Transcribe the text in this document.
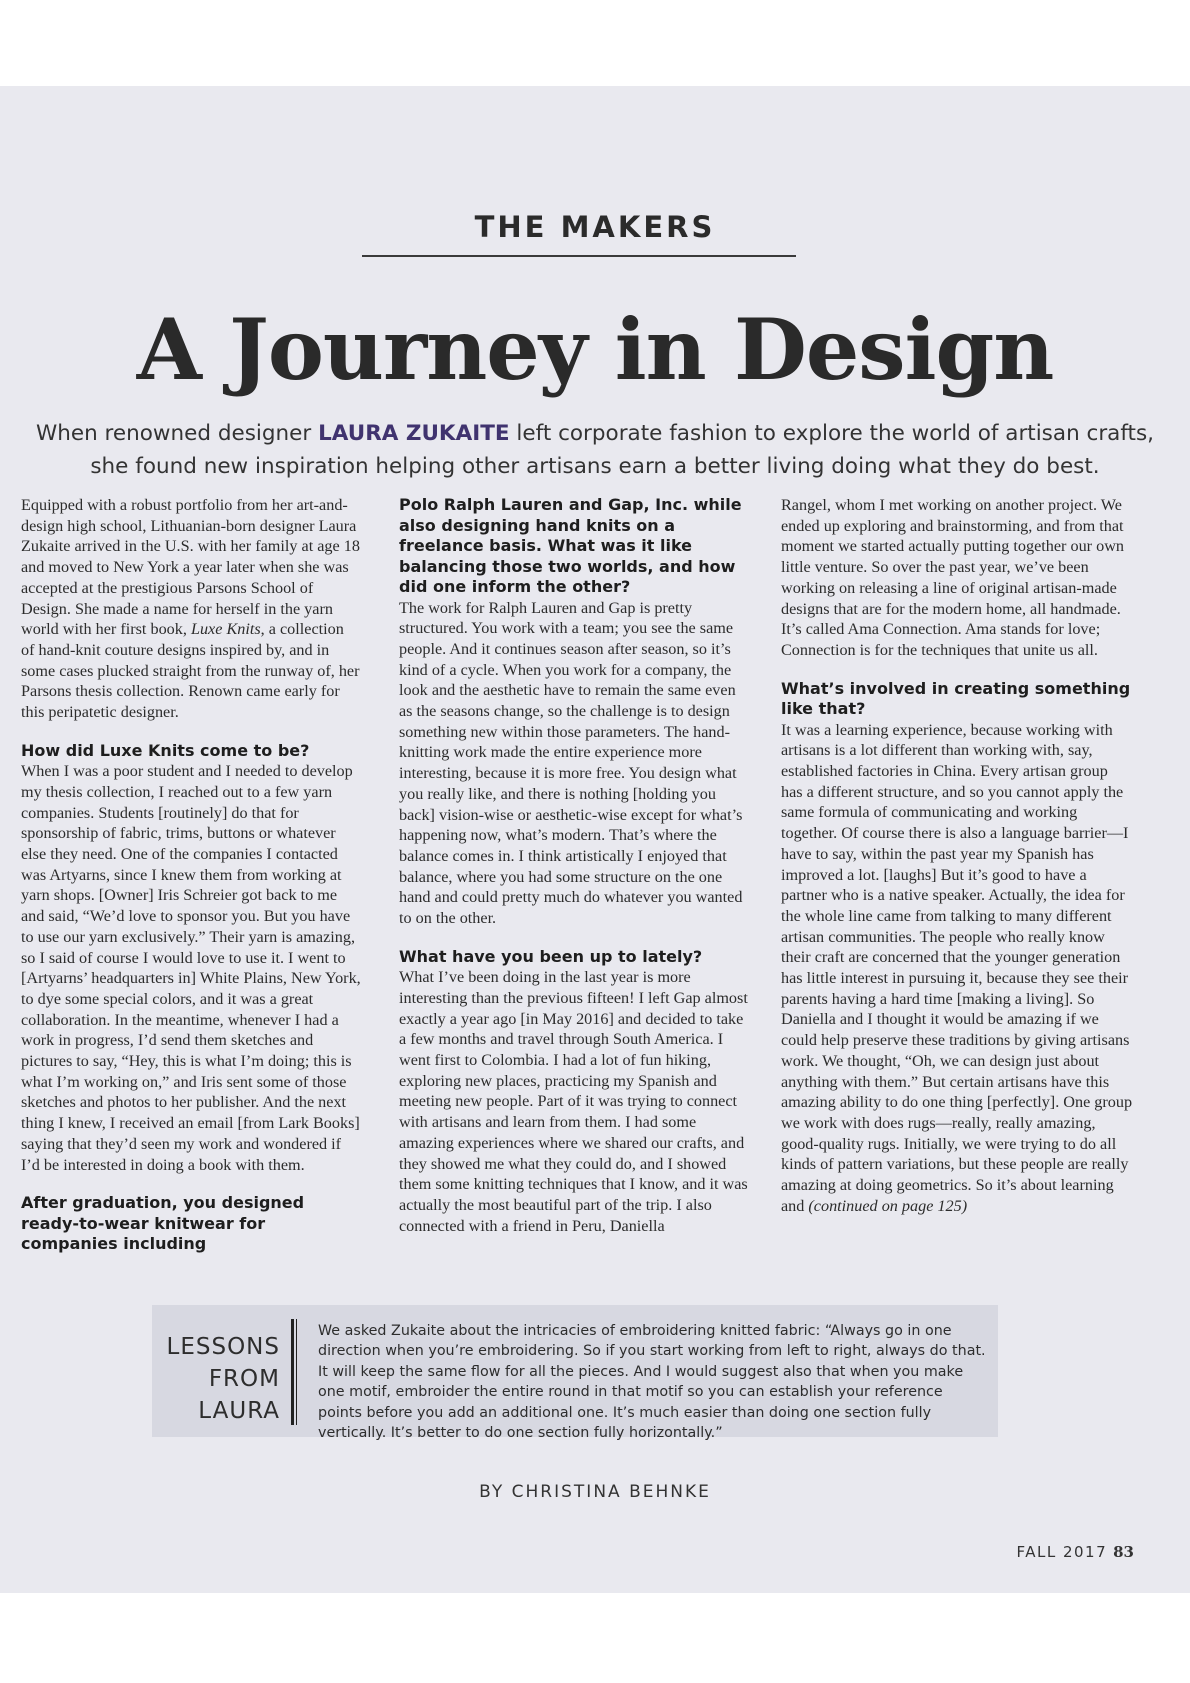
THE MAKERS
A Journey in Design
When renowned designer LAURA ZUKAITE left corporate fashion to explore the world of artisan crafts, she found new inspiration helping other artisans earn a better living doing what they do best.

Equipped with a robust portfolio from her art-and-design high school, Lithuanian-born designer Laura Zukaite arrived in the U.S. with her family at age 18 and moved to New York a year later when she was accepted at the prestigious Parsons School of Design. She made a name for herself in the yarn world with her first book, Luxe Knits, a collection of hand-knit couture designs inspired by, and in some cases plucked straight from the runway of, her Parsons thesis collection. Renown came early for this peripatetic designer.

How did Luxe Knits come to be?

When I was a poor student and I needed to develop my thesis collection, I reached out to a few yarn companies. Students [routinely] do that for sponsorship of fabric, trims, buttons or whatever else they need. One of the companies I contacted was Artyarns, since I knew them from working at yarn shops. [Owner] Iris Schreier got back to me and said, “We’d love to sponsor you. But you have to use our yarn exclusively.” Their yarn is amazing, so I said of course I would love to use it. I went to [Artyarns’ headquarters in] White Plains, New York, to dye some special colors, and it was a great collaboration. In the meantime, whenever I had a work in progress, I’d send them sketches and pictures to say, “Hey, this is what I’m doing; this is what I’m working on,” and Iris sent some of those sketches and photos to her publisher. And the next thing I knew, I received an email [from Lark Books] saying that they’d seen my work and wondered if I’d be interested in doing a book with them.

After graduation, you designed ready-to-wear knitwear for companies including
Polo Ralph Lauren and Gap, Inc. while also designing hand knits on a freelance basis. What was it like balancing those two worlds, and how did one inform the other?

The work for Ralph Lauren and Gap is pretty structured. You work with a team; you see the same people. And it continues season after season, so it’s kind of a cycle. When you work for a company, the look and the aesthetic have to remain the same even as the seasons change, so the challenge is to design something new within those parameters. The hand-knitting work made the entire experience more interesting, because it is more free. You design what you really like, and there is nothing [holding you back] vision-wise or aesthetic-wise except for what’s happening now, what’s modern. That’s where the balance comes in. I think artistically I enjoyed that balance, where you had some structure on the one hand and could pretty much do whatever you wanted to on the other.

What have you been up to lately?

What I’ve been doing in the last year is more interesting than the previous fifteen! I left Gap almost exactly a year ago [in May 2016] and decided to take a few months and travel through South America. I went first to Colombia. I had a lot of fun hiking, exploring new places, practicing my Spanish and meeting new people. Part of it was trying to connect with artisans and learn from them. I had some amazing experiences where we shared our crafts, and they showed me what they could do, and I showed them some knitting techniques that I know, and it was actually the most beautiful part of the trip. I also connected with a friend in Peru, Daniella

Rangel, whom I met working on another project. We ended up exploring and brainstorming, and from that moment we started actually putting together our own little venture. So over the past year, we’ve been working on releasing a line of original artisan-made designs that are for the modern home, all handmade. It’s called Ama Connection. Ama stands for love; Connection is for the techniques that unite us all.

What’s involved in creating something like that?

It was a learning experience, because working with artisans is a lot different than working with, say, established factories in China. Every artisan group has a different structure, and so you cannot apply the same formula of communicating and working together. Of course there is also a language barrier—I have to say, within the past year my Spanish has improved a lot. [laughs] But it’s good to have a partner who is a native speaker. Actually, the idea for the whole line came from talking to many different artisan communities. The people who really know their craft are concerned that the younger generation has little interest in pursuing it, because they see their parents having a hard time [making a living]. So Daniella and I thought it would be amazing if we could help preserve these traditions by giving artisans work. We thought, “Oh, we can design just about anything with them.” But certain artisans have this amazing ability to do one thing [perfectly]. One group we work with does rugs—really, really amazing, good-quality rugs. Initially, we were trying to do all kinds of pattern variations, but these people are really amazing at doing geometrics. So it’s about learning and (continued on page 125)

LESSONS
FROM
LAURA
We asked Zukaite about the intricacies of embroidering knitted fabric: “Always go in one direction when you’re embroidering. So if you start working from left to right, always do that. It will keep the same flow for all the pieces. And I would suggest also that when you make one motif, embroider the entire round in that motif so you can establish your reference points before you add an additional one. It’s much easier than doing one section fully vertically. It’s better to do one section fully horizontally.”
BY CHRISTINA BEHNKE
FALL 2017 83
